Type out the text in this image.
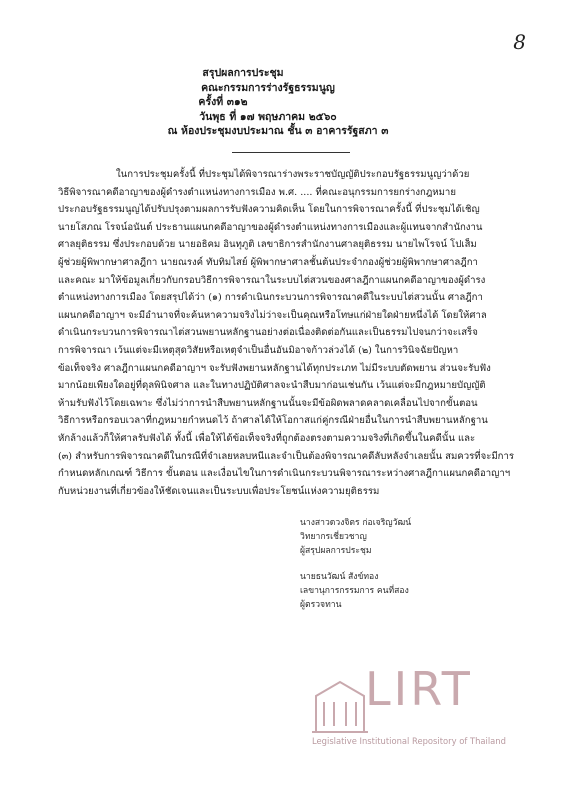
8
สรุปผลการประชุม
คณะกรรมการร่างรัฐธรรมนูญ
ครั้งที่ ๓๑๒
วันพุธ ที่ ๑๗ พฤษภาคม ๒๕๖๐
ณ ห้องประชุมงบประมาณ ชั้น ๓ อาคารรัฐสภา ๓
ในการประชุมครั้งนี้ ที่ประชุมได้พิจารณาร่างพระราชบัญญัติประกอบรัฐธรรมนูญว่าด้วย
วิธีพิจารณาคดีอาญาของผู้ดำรงตำแหน่งทางการเมือง พ.ศ. .... ที่คณะอนุกรรมการยกร่างกฎหมาย
ประกอบรัฐธรรมนูญได้ปรับปรุงตามผลการรับฟังความคิดเห็น โดยในการพิจารณาครั้งนี้ ที่ประชุมได้เชิญ
นายโสภณ โรจน์อนันต์ ประธานแผนกคดีอาญาของผู้ดำรงตำแหน่งทางการเมืองและผู้แทนจากสำนักงาน
ศาลยุติธรรม ซึ่งประกอบด้วย นายอธิคม อินทุภูติ เลขาธิการสำนักงานศาลยุติธรรม นายไพโรจน์ โปเส็ม
ผู้ช่วยผู้พิพากษาศาลฎีกา นายณรงค์ ทับทิมไสย์ ผู้พิพากษาศาลชั้นต้นประจำกองผู้ช่วยผู้พิพากษาศาลฎีกา
และคณะ มาให้ข้อมูลเกี่ยวกับกรอบวิธีการพิจารณาในระบบไต่สวนของศาลฎีกาแผนกคดีอาญาของผู้ดำรง
ตำแหน่งทางการเมือง โดยสรุปได้ว่า (๑) การดำเนินกระบวนการพิจารณาคดีในระบบไต่สวนนั้น ศาลฎีกา
แผนกคดีอาญาฯ จะมีอำนาจที่จะค้นหาความจริงไม่ว่าจะเป็นคุณหรือโทษแก่ฝ่ายใดฝ่ายหนึ่งได้ โดยให้ศาล
ดำเนินกระบวนการพิจารณาไต่สวนพยานหลักฐานอย่างต่อเนื่องติดต่อกันและเป็นธรรมไปจนกว่าจะเสร็จ
การพิจารณา เว้นแต่จะมีเหตุสุดวิสัยหรือเหตุจำเป็นอื่นอันมิอาจก้าวล่วงได้ (๒) ในการวินิจฉัยปัญหา
ข้อเท็จจริง ศาลฎีกาแผนกคดีอาญาฯ จะรับฟังพยานหลักฐานได้ทุกประเภท ไม่มีระบบตัดพยาน ส่วนจะรับฟัง
มากน้อยเพียงใดอยู่ที่ดุลพินิจศาล และในทางปฏิบัติศาลจะนำสืบมาก่อนเช่นกัน เว้นแต่จะมีกฎหมายบัญญัติ
ห้ามรับฟังไว้โดยเฉพาะ ซึ่งไม่ว่าการนำสืบพยานหลักฐานนั้นจะมีข้อผิดพลาดคลาดเคลื่อนไปจากขั้นตอน
วิธีการหรือกรอบเวลาที่กฎหมายกำหนดไว้ ถ้าศาลได้ให้โอกาสแก่คู่กรณีฝ่ายอื่นในการนำสืบพยานหลักฐาน
หักล้างแล้วก็ให้ศาลรับฟังได้ ทั้งนี้ เพื่อให้ได้ข้อเท็จจริงที่ถูกต้องตรงตามความจริงที่เกิดขึ้นในคดีนั้น และ
(๓) สำหรับการพิจารณาคดีในกรณีที่จำเลยหลบหนีและจำเป็นต้องพิจารณาคดีลับหลังจำเลยนั้น สมควรที่จะมีการ
กำหนดหลักเกณฑ์ วิธีการ ขั้นตอน และเงื่อนไขในการดำเนินกระบวนพิจารณาระหว่างศาลฎีกาแผนกคดีอาญาฯ
กับหน่วยงานที่เกี่ยวข้องให้ชัดเจนและเป็นระบบเพื่อประโยชน์แห่งความยุติธรรม
นางสาวดวงจิตร ก่อเจริญวัฒน์
วิทยากรเชี่ยวชาญ
ผู้สรุปผลการประชุม
นายธนวัฒน์ สังข์ทอง
เลขานุการกรรมการ คนที่สอง
ผู้ตรวจทาน
LIRT
Legislative Institutional Repository of Thailand
